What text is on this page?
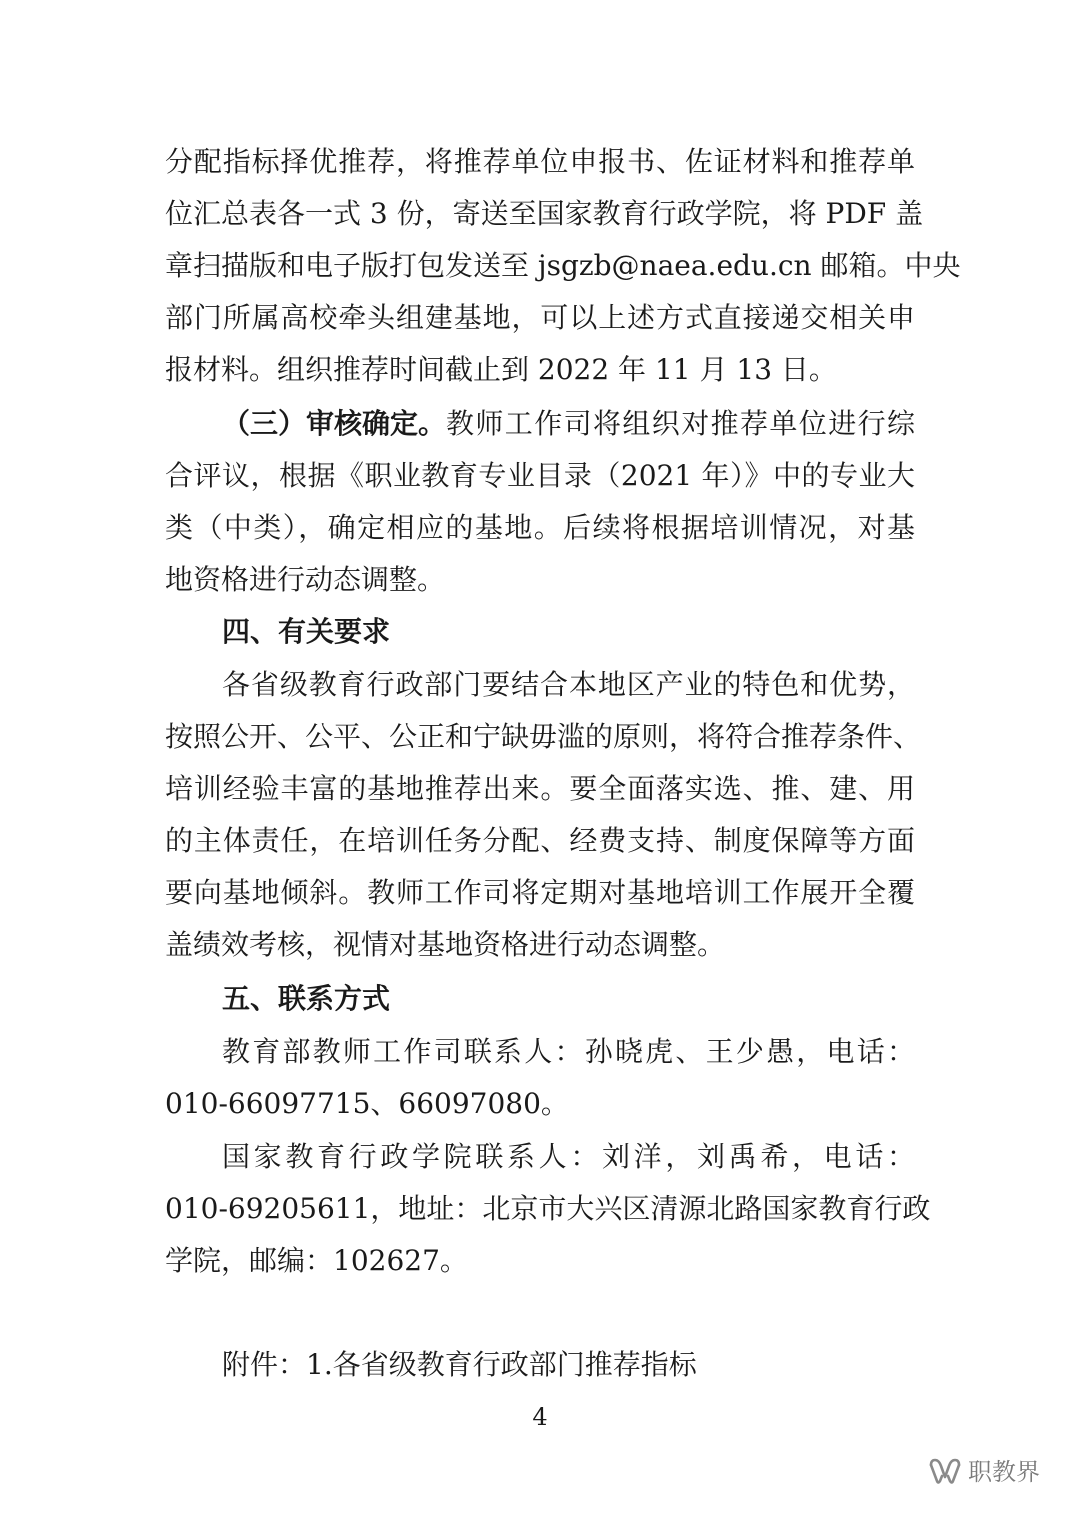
分配指标择优推荐，将推荐单位申报书、佐证材料和推荐单
位汇总表各一式 3 份，寄送至国家教育行政学院，将 PDF 盖
章扫描版和电子版打包发送至 jsgzb@naea.edu.cn 邮箱。中央
部门所属高校牵头组建基地，可以上述方式直接递交相关申
报材料。组织推荐时间截止到 2022 年 11 月 13 日。
（三）审核确定。 教师工作司将组织对推荐单位进行综
合评议，根据《职业教育专业目录（2021 年）》中的专业大
类（中类），确定相应的基地。后续将根据培训情况，对基
地资格进行动态调整。
四、有关要求
各省级教育行政部门要结合本地区产业的特色和优势，
按照公开、公平、公正和宁缺毋滥的原则，将符合推荐条件、
培训经验丰富的基地推荐出来。要全面落实选、推、建、用
的主体责任，在培训任务分配、经费支持、制度保障等方面
要向基地倾斜。教师工作司将定期对基地培训工作展开全覆
盖绩效考核，视情对基地资格进行动态调整。
五、联系方式
教育部教师工作司联系人：孙晓虎、王少愚，电话：
010-66097715、66097080。
国家教育行政学院联系人：刘洋，刘禹希，电话：
010-69205611，地址：北京市大兴区清源北路国家教育行政
学院，邮编：102627。
附件：1.各省级教育行政部门推荐指标
4
职教界
